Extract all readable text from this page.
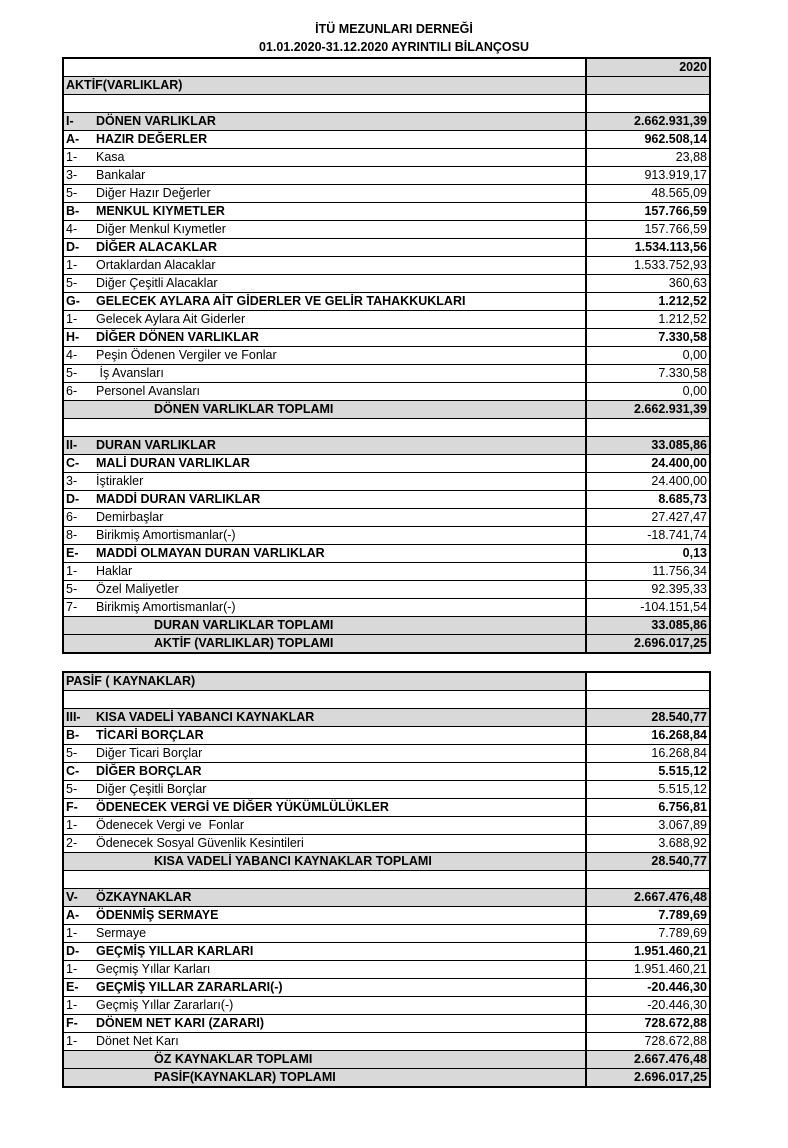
İTÜ MEZUNLARI DERNEĞİ
01.01.2020-31.12.2020 AYRINTILI BİLANÇOSU
	2020
AKTİF(VARLIKLAR)	

I- DÖNEN VARLIKLAR	2.662.931,39
A- HAZIR DEĞERLER	962.508,14
1- Kasa	23,88
3- Bankalar	913.919,17
5- Diğer Hazır Değerler	48.565,09
B- MENKUL KIYMETLER	157.766,59
4- Diğer Menkul Kıymetler	157.766,59
D- DİĞER ALACAKLAR	1.534.113,56
1- Ortaklardan Alacaklar	1.533.752,93
5- Diğer Çeşitli Alacaklar	360,63
G- GELECEK AYLARA AİT GİDERLER VE GELİR TAHAKKUKLARI	1.212,52
1- Gelecek Aylara Ait Giderler	1.212,52
H- DİĞER DÖNEN VARLIKLAR	7.330,58
4- Peşin Ödenen Vergiler ve Fonlar	0,00
5- İş Avansları	7.330,58
6- Personel Avansları	0,00
DÖNEN VARLIKLAR TOPLAMI	2.662.931,39

II- DURAN VARLIKLAR	33.085,86
C- MALİ DURAN VARLIKLAR	24.400,00
3- İştirakler	24.400,00
D- MADDİ DURAN VARLIKLAR	8.685,73
6- Demirbaşlar	27.427,47
8- Birikmiş Amortismanlar(-)	-18.741,74
E- MADDİ OLMAYAN DURAN VARLIKLAR	0,13
1- Haklar	11.756,34
5- Özel Maliyetler	92.395,33
7- Birikmiş Amortismanlar(-)	-104.151,54
DURAN VARLIKLAR TOPLAMI	33.085,86
AKTİF (VARLIKLAR) TOPLAMI	2.696.017,25
PASİF ( KAYNAKLAR)	

III- KISA VADELİ YABANCI KAYNAKLAR	28.540,77
B- TİCARİ BORÇLAR	16.268,84
5- Diğer Ticari Borçlar	16.268,84
C- DİĞER BORÇLAR	5.515,12
5- Diğer Çeşitli Borçlar	5.515,12
F- ÖDENECEK VERGİ VE DİĞER YÜKÜMLÜLÜKLER	6.756,81
1- Ödenecek Vergi ve  Fonlar	3.067,89
2- Ödenecek Sosyal Güvenlik Kesintileri	3.688,92
KISA VADELİ YABANCI KAYNAKLAR TOPLAMI	28.540,77

V- ÖZKAYNAKLAR	2.667.476,48
A- ÖDENMİŞ SERMAYE	7.789,69
1- Sermaye	7.789,69
D- GEÇMİŞ YILLAR KARLARI	1.951.460,21
1- Geçmiş Yıllar Karları	1.951.460,21
E- GEÇMİŞ YILLAR ZARARLARI(-)	-20.446,30
1- Geçmiş Yıllar Zararları(-)	-20.446,30
F- DÖNEM NET KARI (ZARARI)	728.672,88
1- Dönet Net Karı	728.672,88
ÖZ KAYNAKLAR TOPLAMI	2.667.476,48
PASİF(KAYNAKLAR) TOPLAMI	2.696.017,25
